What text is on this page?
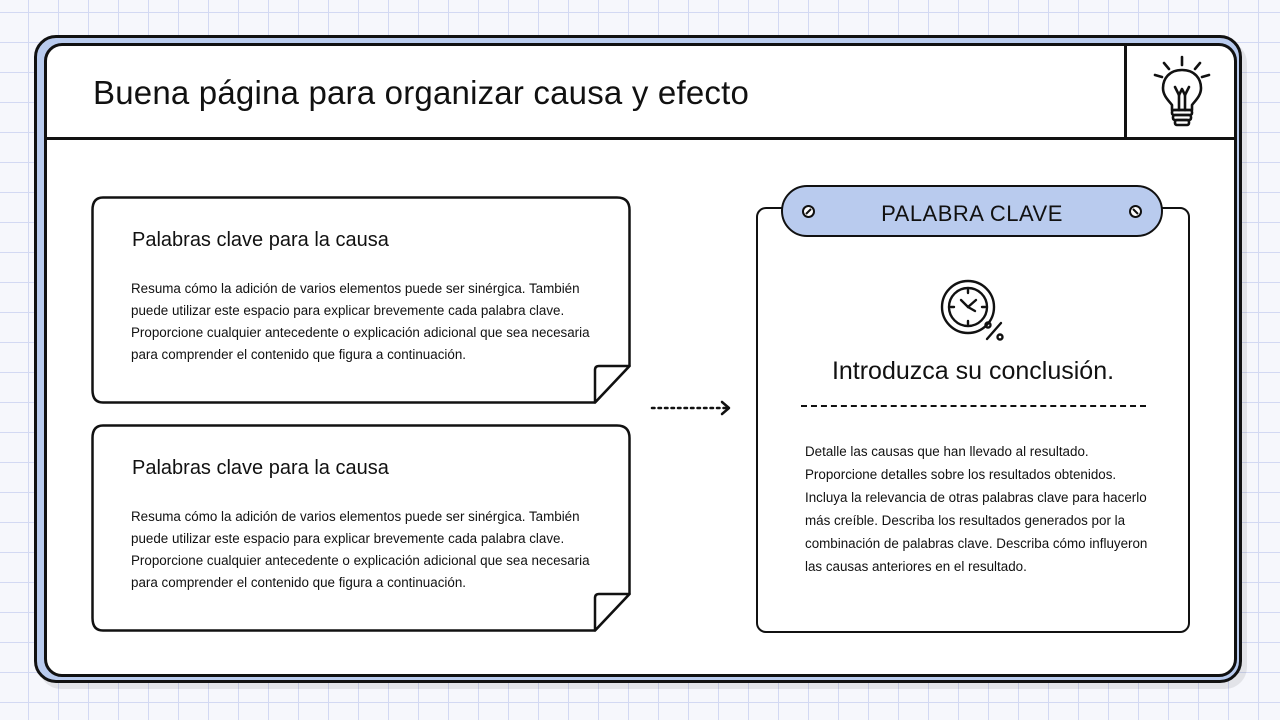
Buena página para organizar causa y efecto
Palabras clave para la causa

Resuma cómo la adición de varios elementos puede ser sinérgica. También puede utilizar este espacio para explicar brevemente cada palabra clave. Proporcione cualquier antecedente o explicación adicional que sea necesaria para comprender el contenido que figura a continuación.

Palabras clave para la causa

Resuma cómo la adición de varios elementos puede ser sinérgica. También puede utilizar este espacio para explicar brevemente cada palabra clave. Proporcione cualquier antecedente o explicación adicional que sea necesaria para comprender el contenido que figura a continuación.

PALABRA CLAVE
Introduzca su conclusión.

Detalle las causas que han llevado al resultado. Proporcione detalles sobre los resultados obtenidos. Incluya la relevancia de otras palabras clave para hacerlo más creíble. Describa los resultados generados por la combinación de palabras clave. Describa cómo influyeron las causas anteriores en el resultado.
